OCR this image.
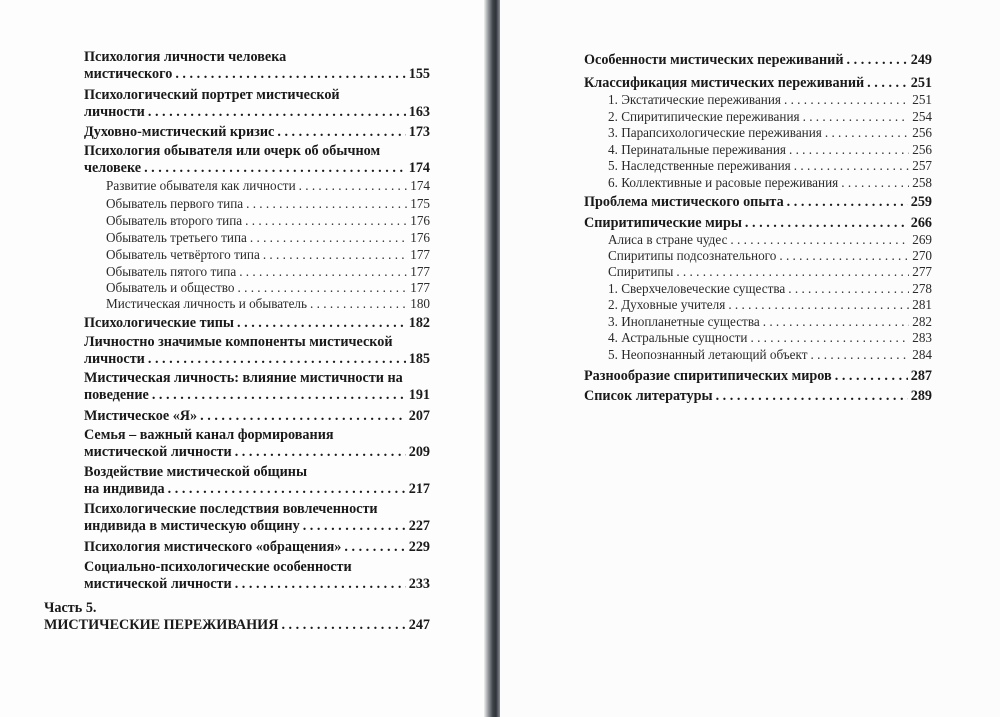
Психология личности человека
мистического . . .	155
Психологический портрет мистической
личности . . .	163
Духовно-мистический кризис . . .	173
Психология обывателя или очерк об обычном
человеке . . .	174
Развитие обывателя как личности . . .	174
Обыватель первого типа . . .	175
Обыватель второго типа . . .	176
Обыватель третьего типа . . .	176
Обыватель четвёртого типа . . .	177
Обыватель пятого типа . . .	177
Обыватель и общество . . .	177
Мистическая личность и обыватель . . .	180
Психологические типы . . .	182
Личностно значимые компоненты мистической
личности . . .	185
Мистическая личность: влияние мистичности на
поведение . . .	191
Мистическое «Я» . . .	207
Семья – важный канал формирования
мистической личности . . .	209
Воздействие мистической общины
на индивида . . .	217
Психологические последствия вовлеченности
индивида в мистическую общину . . .	227
Психология мистического «обращения» . . .	229
Социально-психологические особенности
мистической личности . . .	233
Часть 5.
МИСТИЧЕСКИЕ ПЕРЕЖИВАНИЯ . . .	247
Особенности мистических переживаний . . .	249
Классификация мистических переживаний . . .	251
1. Экстатические переживания . . .	251
2. Спиритипические переживания . . .	254
3. Парапсихологические переживания . . .	256
4. Перинатальные переживания . . .	256
5. Наследственные переживания . . .	257
6. Коллективные и расовые переживания . . .	258
Проблема мистического опыта . . .	259
Спиритипические миры . . .	266
Алиса в стране чудес . . .	269
Спиритипы подсознательного . . .	270
Спиритипы . . .	277
1. Сверхчеловеческие существа . . .	278
2. Духовные учителя . . .	281
3. Инопланетные существа . . .	282
4. Астральные сущности . . .	283
5. Неопознанный летающий объект . . .	284
Разнообразие спиритипических миров . . .	287
Список литературы . . .	289
